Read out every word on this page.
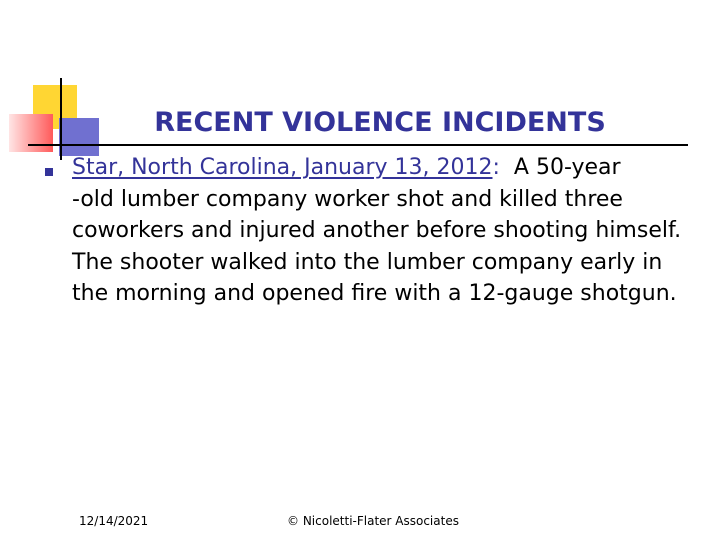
RECENT VIOLENCE INCIDENTS
Star, North Carolina, January 13, 2012:  A 50-year
-old lumber company worker shot and killed three coworkers and injured another before shooting himself. The shooter walked into the lumber company early in the morning and opened fire with a 12-gauge shotgun.
12/14/2021	© Nicoletti-Flater Associates
